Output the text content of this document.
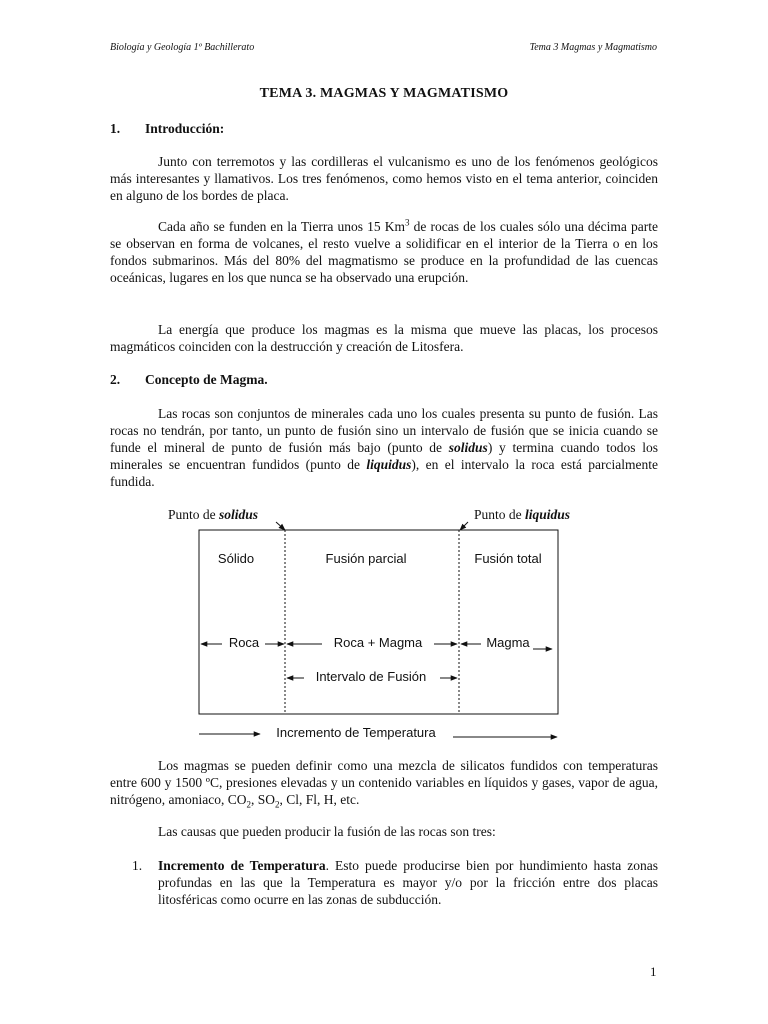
Biología y Geología 1º Bachillerato	Tema 3 Magmas y Magmatismo
TEMA 3. MAGMAS Y MAGMATISMO
1. Introducción:

Junto con terremotos y las cordilleras el vulcanismo es uno de los fenómenos geológicos más interesantes y llamativos. Los tres fenómenos, como hemos visto en el tema anterior, coinciden en alguno de los bordes de placa.

Cada año se funden en la Tierra unos 15 Km$^3$ de rocas de los cuales sólo una décima parte se observan en forma de volcanes, el resto vuelve a solidificar en el interior de la Tierra o en los fondos submarinos. Más del 80% del magmatismo se produce en la profundidad de las cuencas oceánicas, lugares en los que nunca se ha observado una erupción.

La energía que produce los magmas es la misma que mueve las placas, los procesos magmáticos coinciden con la destrucción y creación de Litosfera.

2. Concepto de Magma.

Las rocas son conjuntos de minerales cada uno los cuales presenta su punto de fusión. Las rocas no tendrán, por tanto, un punto de fusión sino un intervalo de fusión que se inicia cuando se funde el mineral de punto de fusión más bajo (punto de solidus) y termina cuando todos los minerales se encuentran fundidos (punto de liquidus), en el intervalo la roca está parcialmente fundida.

Punto de solidus	Punto de liquidus
Sólido	Fusión parcial	Fusión total
Roca	Roca + Magma	Magma
Intervalo de Fusión
Incremento de Temperatura

Los magmas se pueden definir como una mezcla de silicatos fundidos con temperaturas entre 600 y 1500 ºC, presiones elevadas y un contenido variables en líquidos y gases, vapor de agua, nitrógeno, amoniaco, $CO_2$, $SO_2$, Cl, Fl, H, etc.

Las causas que pueden producir la fusión de las rocas son tres:

1. Incremento de Temperatura. Esto puede producirse bien por hundimiento hasta zonas profundas en las que la Temperatura es mayor y/o por la fricción entre dos placas litosféricas como ocurre en las zonas de subducción.
1
